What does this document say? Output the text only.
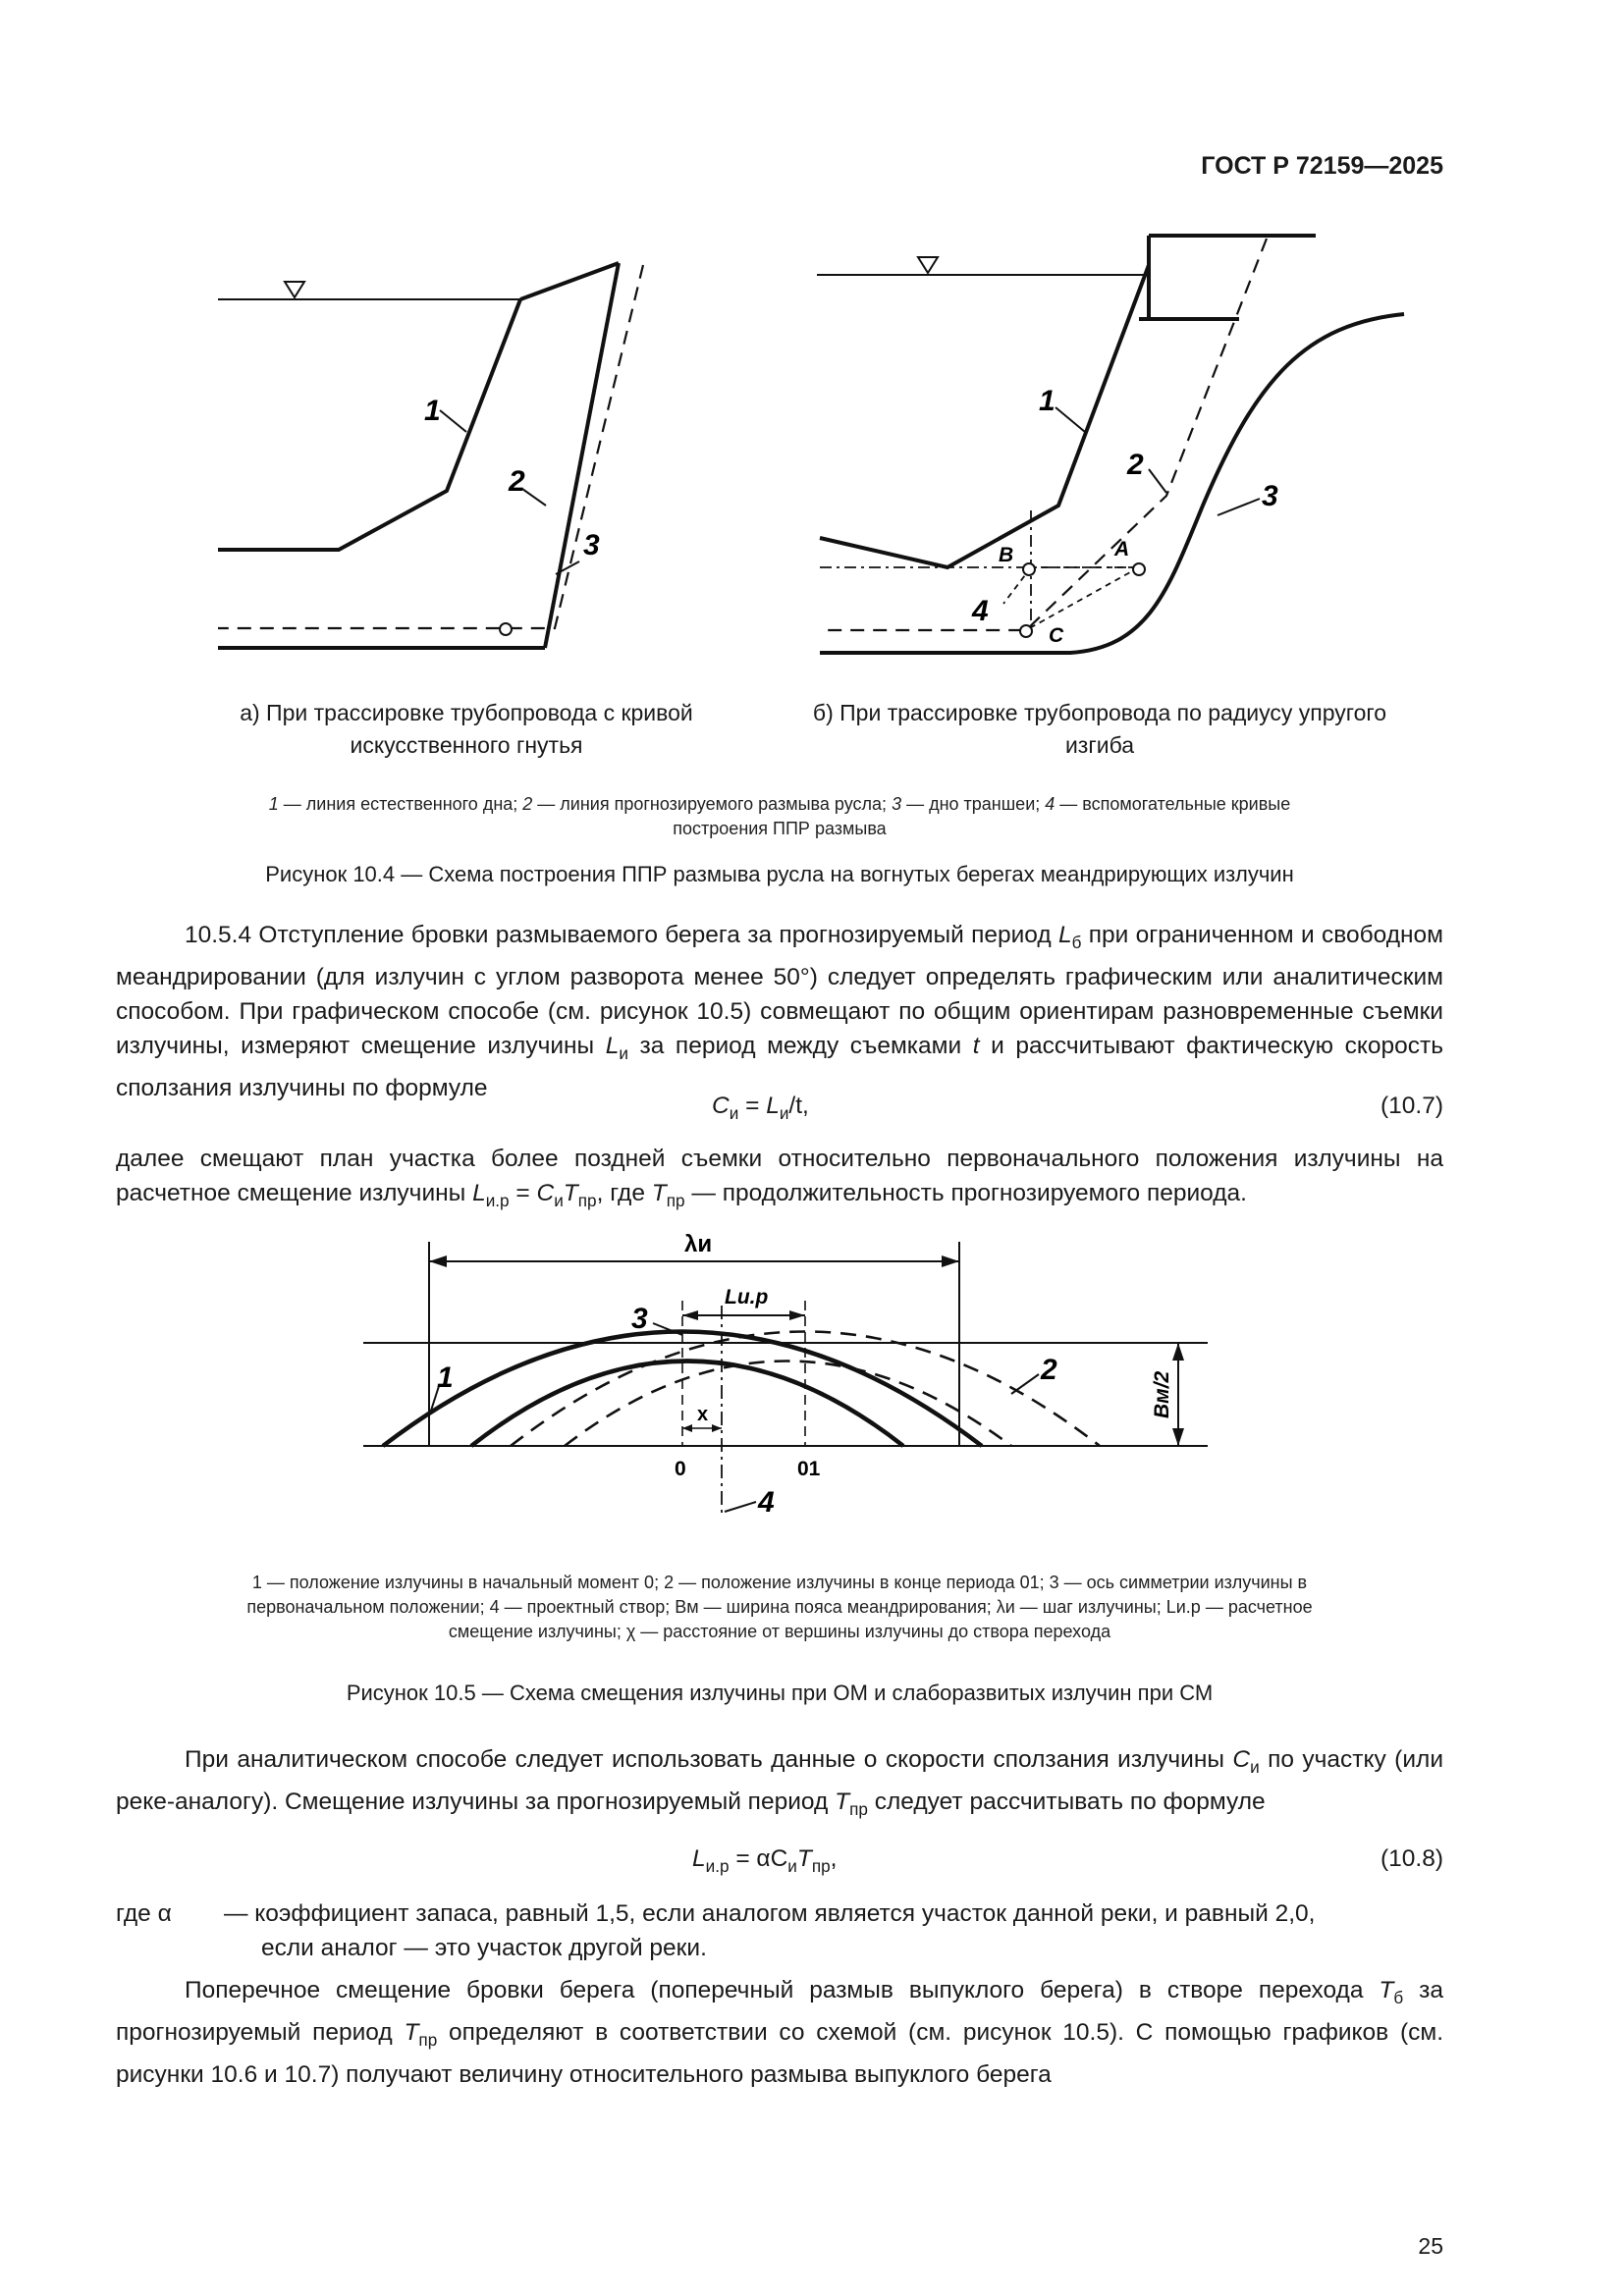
ГОСТ Р 72159—2025
1
2
3
1
2
3
4
A
B
C
а) При трассировке трубопровода с кривой
искусственного гнутья
б) При трассировке трубопровода по радиусу упругого
изгиба
1 — линия естественного дна; 2 — линия прогнозируемого размыва русла; 3 — дно траншеи; 4 — вспомогательные кривые
построения ППР размыва
Рисунок 10.4 — Схема построения ППР размыва русла на вогнутых берегах меандрирующих излучин
10.5.4 Отступление бровки размываемого берега за прогнозируемый период $L_б$ при ограниченном и свободном меандрировании (для излучин с углом разворота менее 50°) следует определять графическим или аналитическим способом. При графическом способе (см. рисунок 10.5) совмещают по общим ориентирам разновременные съемки излучины, измеряют смещение излучины $L_и$ за период между съемками t и рассчитывают фактическую скорость сползания излучины по формуле
$C_и = L_и/t$,	(10.7)
далее смещают план участка более поздней съемки относительно первоначального положения излучины на расчетное смещение излучины $L_{и.р} = C_иT_{пр}$, где $T_{пр}$ — продолжительность прогнозируемого периода.
λи
Lи.р
Bм/2
x
0	01
1
3
2
4
1 — положение излучины в начальный момент 0; 2 — положение излучины в конце периода 01; 3 — ось симметрии излучины в
первоначальном положении; 4 — проектный створ; Bм — ширина пояса меандрирования; λи — шаг излучины; Lи.р — расчетное
смещение излучины; χ — расстояние от вершины излучины до створа перехода
Рисунок 10.5 — Схема смещения излучины при ОМ и слаборазвитых излучин при СМ
При аналитическом способе следует использовать данные о скорости сползания излучины $C_и$ по участку (или реке-аналогу). Смещение излучины за прогнозируемый период $T_{пр}$ следует рассчитывать по формуле
$L_{и.р} = \alpha C_иT_{пр}$,	(10.8)
где α	— коэффициент запаса, равный 1,5, если аналогом является участок данной реки, и равный 2,0,
если аналог — это участок другой реки.
Поперечное смещение бровки берега (поперечный размыв выпуклого берега) в створе перехода $T_б$ за прогнозируемый период $T_{пр}$ определяют в соответствии со схемой (см. рисунок 10.5). С помощью графиков (см. рисунки 10.6 и 10.7) получают величину относительного размыва выпуклого берега
25
